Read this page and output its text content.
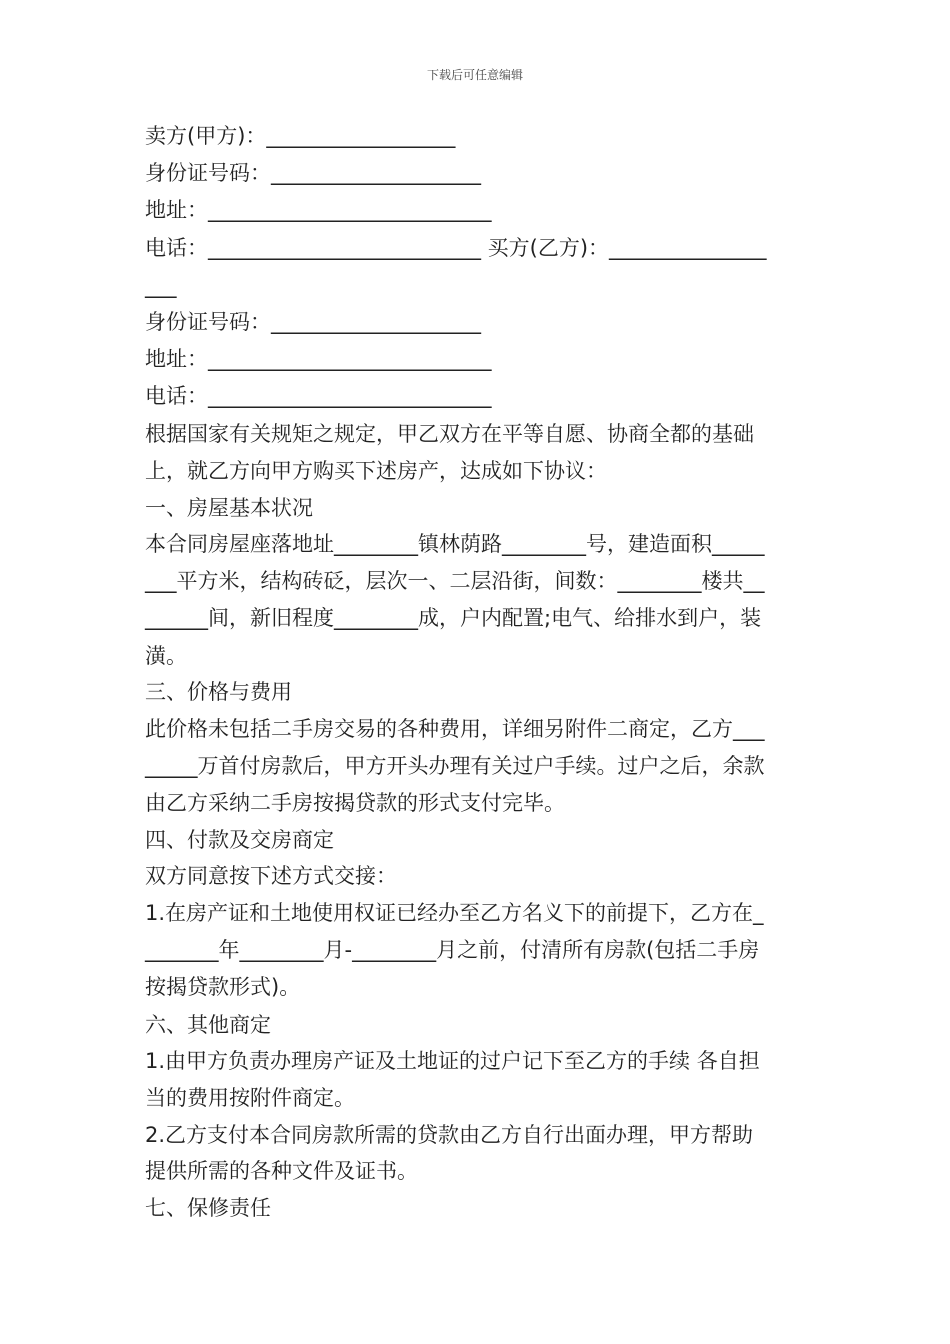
下载后可任意编辑
卖方(甲方)：__________________
身份证号码：____________________
地址：___________________________
电话：__________________________ 买方(乙方)：_______________
___
身份证号码：____________________
地址：___________________________
电话：___________________________
根据国家有关规矩之规定，甲乙双方在平等自愿、协商全都的基础
上，就乙方向甲方购买下述房产，达成如下协议：
一、房屋基本状况
本合同房屋座落地址________镇林荫路________号，建造面积_____
___平方米，结构砖砭，层次一、二层沿街，间数：________楼共__
______间，新旧程度________成，户内配置;电气、给排水到户，装
潢。
三、价格与费用
此价格未包括二手房交易的各种费用，详细另附件二商定，乙方___
_____万首付房款后，甲方开头办理有关过户手续。过户之后，余款
由乙方采纳二手房按揭贷款的形式支付完毕。
四、付款及交房商定
双方同意按下述方式交接：
1.在房产证和土地使用权证已经办至乙方名义下的前提下，乙方在_
_______年________月-________月之前，付清所有房款(包括二手房
按揭贷款形式)。
六、其他商定
1.由甲方负责办理房产证及土地证的过户记下至乙方的手续 各自担
当的费用按附件商定。
2.乙方支付本合同房款所需的贷款由乙方自行出面办理，甲方帮助
提供所需的各种文件及证书。
七、保修责任
